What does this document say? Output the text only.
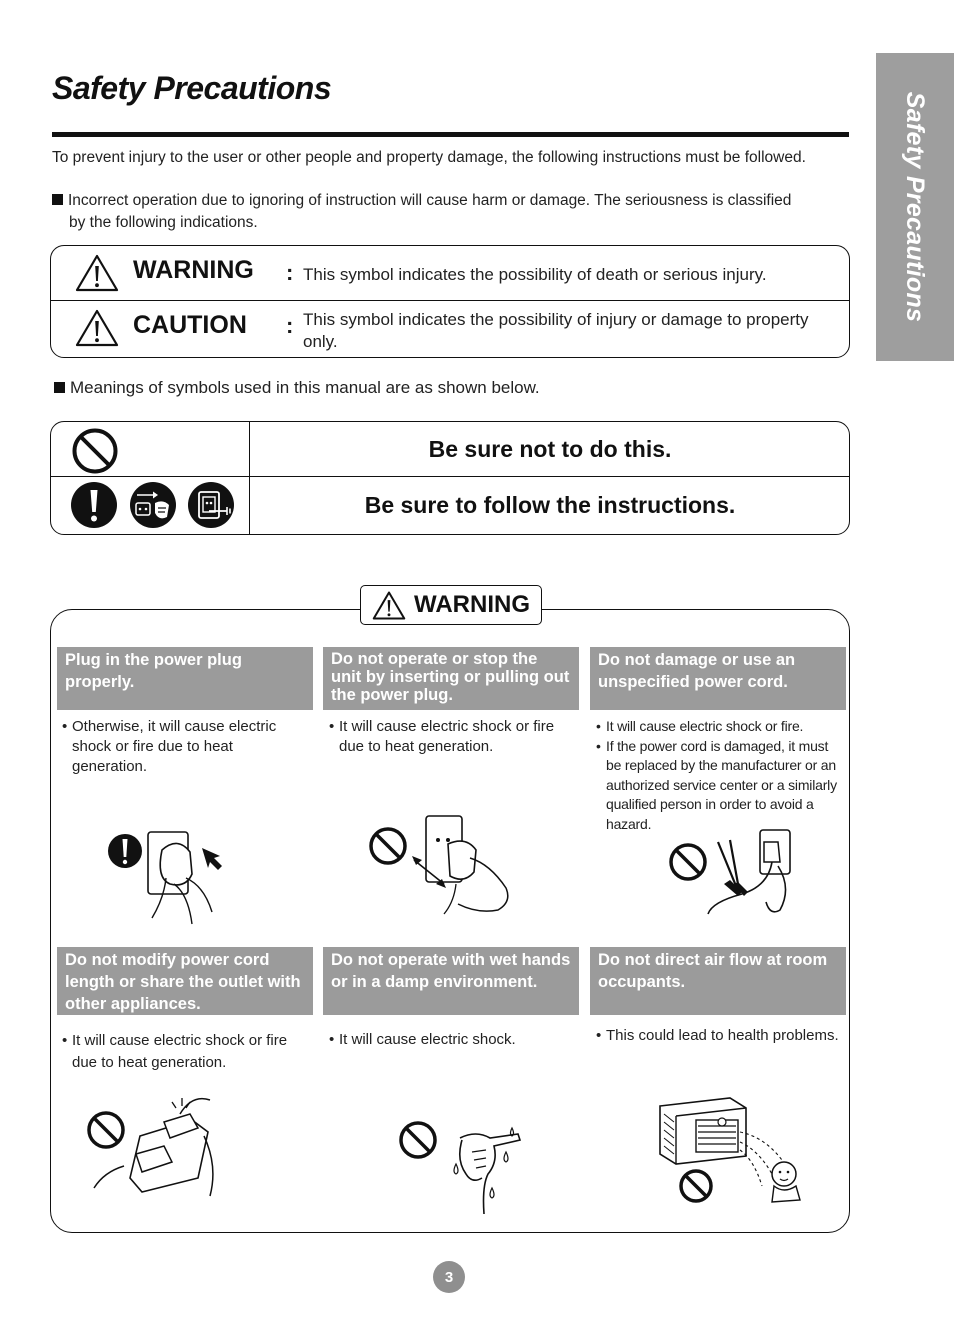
Safety Precautions
Safety Precautions
To prevent injury to the user or other people and property damage, the following instructions must be followed.
Incorrect operation due to ignoring of instruction will cause harm or damage. The seriousness is classified
by the following indications.
WARNING : This symbol indicates the possibility of death or serious injury.
CAUTION : This symbol indicates the possibility of injury or damage to property only.
Meanings of symbols used in this manual are as shown below.
Be sure not to do this.
Be sure to follow the instructions.
WARNING
Plug in the power plug properly.
• Otherwise, it will cause electric shock or fire due to heat generation.
Do not operate or stop the unit by inserting or pulling out the power plug.
• It will cause electric shock or fire due to heat generation.
Do not damage or use an unspecified power cord.
• It will cause electric shock or fire.
• If the power cord is damaged, it must be replaced by the manufacturer or an authorized service center or a similarly qualified person in order to avoid a hazard.
Do not modify power cord length or share the outlet with other appliances.
• It will cause electric shock or fire due to heat generation.
Do not operate with wet hands or in a damp environment.
• It will cause electric shock.
Do not direct air flow at room occupants.
• This could lead to health problems.
3
